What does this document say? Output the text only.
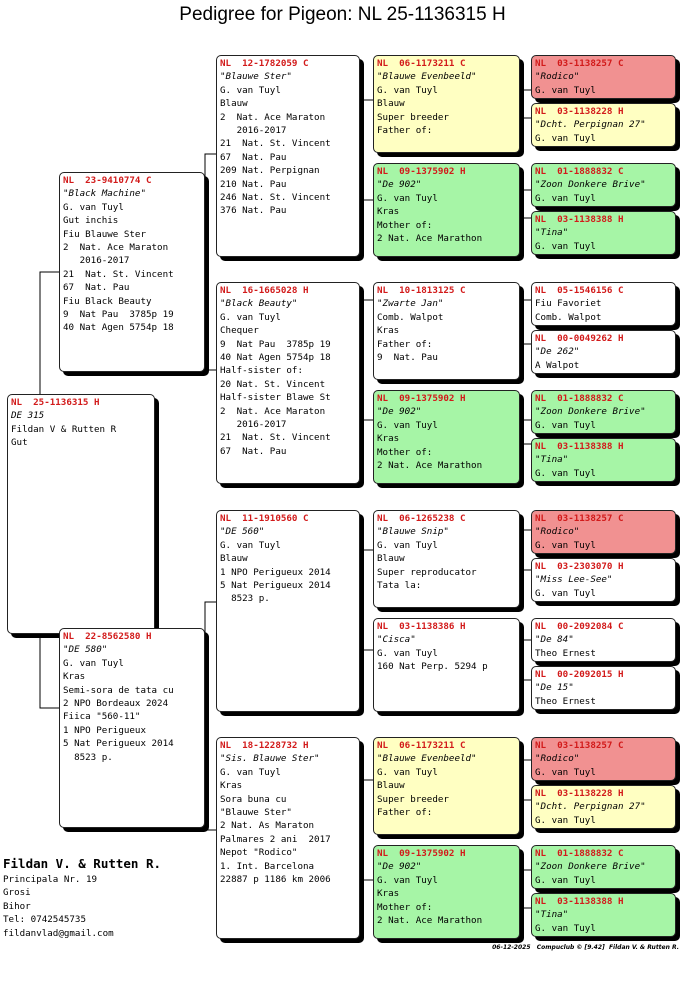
Pedigree for Pigeon: NL 25-1136315 H
NL  25-1136315 H
DE 315
Fildan V & Rutten R
Gut
NL  23-9410774 C
"Black Machine"
G. van Tuyl
Gut inchis
Fiu Blauwe Ster
2  Nat. Ace Maraton
2016-2017
21  Nat. St. Vincent
67  Nat. Pau
Fiu Black Beauty
9  Nat Pau  3785p 19
40 Nat Agen 5754p 18
NL  22-8562580 H
"DE 580"
G. van Tuyl
Kras
Semi-sora de tata cu
2 NPO Bordeaux 2024
Fiica "560-11"
1 NPO Perigueux
5 Nat Perigueux 2014
8523 p.
NL  12-1782059 C
"Blauwe Ster"
G. van Tuyl
Blauw
2  Nat. Ace Maraton
2016-2017
21  Nat. St. Vincent
67  Nat. Pau
209 Nat. Perpignan
210 Nat. Pau
246 Nat. St. Vincent
376 Nat. Pau
NL  16-1665028 H
"Black Beauty"
G. van Tuyl
Chequer
9  Nat Pau  3785p 19
40 Nat Agen 5754p 18
Half-sister of:
20 Nat. St. Vincent
Half-sister Blawe St
2  Nat. Ace Maraton
2016-2017
21  Nat. St. Vincent
67  Nat. Pau
NL  11-1910560 C
"DE 560"
G. van Tuyl
Blauw
1 NPO Perigueux 2014
5 Nat Perigueux 2014
8523 p.
NL  18-1228732 H
"Sis. Blauwe Ster"
G. van Tuyl
Kras
Sora buna cu
"Blauwe Ster"
2 Nat. As Maraton
Palmares 2 ani  2017
Nepot "Rodico"
1. Int. Barcelona
22887 p 1186 km 2006
NL  06-1173211 C
"Blauwe Evenbeeld"
G. van Tuyl
Blauw
Super breeder
Father of:
NL  09-1375902 H
"De 902"
G. van Tuyl
Kras
Mother of:
2 Nat. Ace Marathon
NL  10-1813125 C
"Zwarte Jan"
Comb. Walpot
Kras
Father of:
9  Nat. Pau
NL  09-1375902 H
"De 902"
G. van Tuyl
Kras
Mother of:
2 Nat. Ace Marathon
NL  06-1265238 C
"Blauwe Snip"
G. van Tuyl
Blauw
Super reproducator
Tata la:
NL  03-1138386 H
"Cisca"
G. van Tuyl
160 Nat Perp. 5294 p
NL  06-1173211 C
"Blauwe Evenbeeld"
G. van Tuyl
Blauw
Super breeder
Father of:
NL  09-1375902 H
"De 902"
G. van Tuyl
Kras
Mother of:
2 Nat. Ace Marathon
NL  03-1138257 C
"Rodico"
G. van Tuyl
NL  03-1138228 H
"Dcht. Perpignan 27"
G. van Tuyl
NL  01-1888832 C
"Zoon Donkere Brive"
G. van Tuyl
NL  03-1138388 H
"Tina"
G. van Tuyl
NL  05-1546156 C
Fiu Favoriet
Comb. Walpot
NL  00-0049262 H
"De 262"
A Walpot
NL  01-1888832 C
"Zoon Donkere Brive"
G. van Tuyl
NL  03-1138388 H
"Tina"
G. van Tuyl
NL  03-1138257 C
"Rodico"
G. van Tuyl
NL  03-2303070 H
"Miss Lee-See"
G. van Tuyl
NL  00-2092084 C
"De 84"
Theo Ernest
NL  00-2092015 H
"De 15"
Theo Ernest
NL  03-1138257 C
"Rodico"
G. van Tuyl
NL  03-1138228 H
"Dcht. Perpignan 27"
G. van Tuyl
NL  01-1888832 C
"Zoon Donkere Brive"
G. van Tuyl
NL  03-1138388 H
"Tina"
G. van Tuyl
Fildan V. & Rutten R.
Principala Nr. 19
Grosi
Bihor
Tel: 0742545735
fildanvlad@gmail.com
06-12-2025   Compuclub © [9.42]  Fildan V. & Rutten R.
